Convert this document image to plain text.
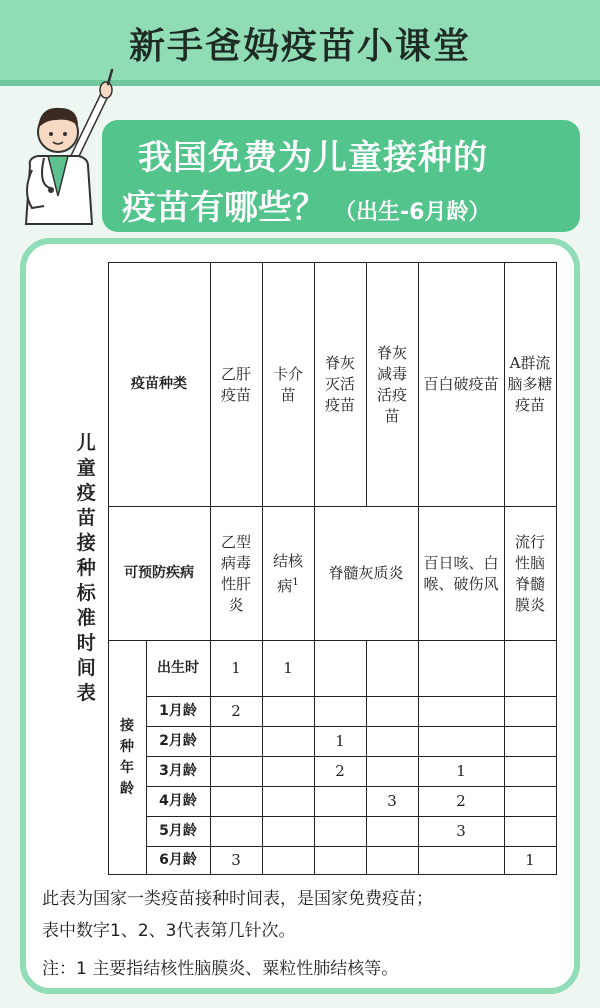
新手爸妈疫苗小课堂
我国免费为儿童接种的
疫苗有哪些？ （出生-6月龄）
儿童疫苗接种标准时间表	疫苗种类		乙肝疫苗	卡介苗	脊灰灭活疫苗	脊灰减毒活疫苗	百白破疫苗	A群流脑多糖疫苗

	可预防疾病		乙型病毒性肝炎	结核病$^1$	脊髓灰质炎		百日咳、白喉、破伤风	流行性脑脊髓膜炎

	接种年龄	出生时	1	1				
		1月龄	2					
		2月龄			1			
		3月龄			2		1	
		4月龄				3	2	
		5月龄					3	
		6月龄	3					1
此表为国家一类疫苗接种时间表，是国家免费疫苗；
表中数字1、2、3代表第几针次。
注：1 主要指结核性脑膜炎、粟粒性肺结核等。
